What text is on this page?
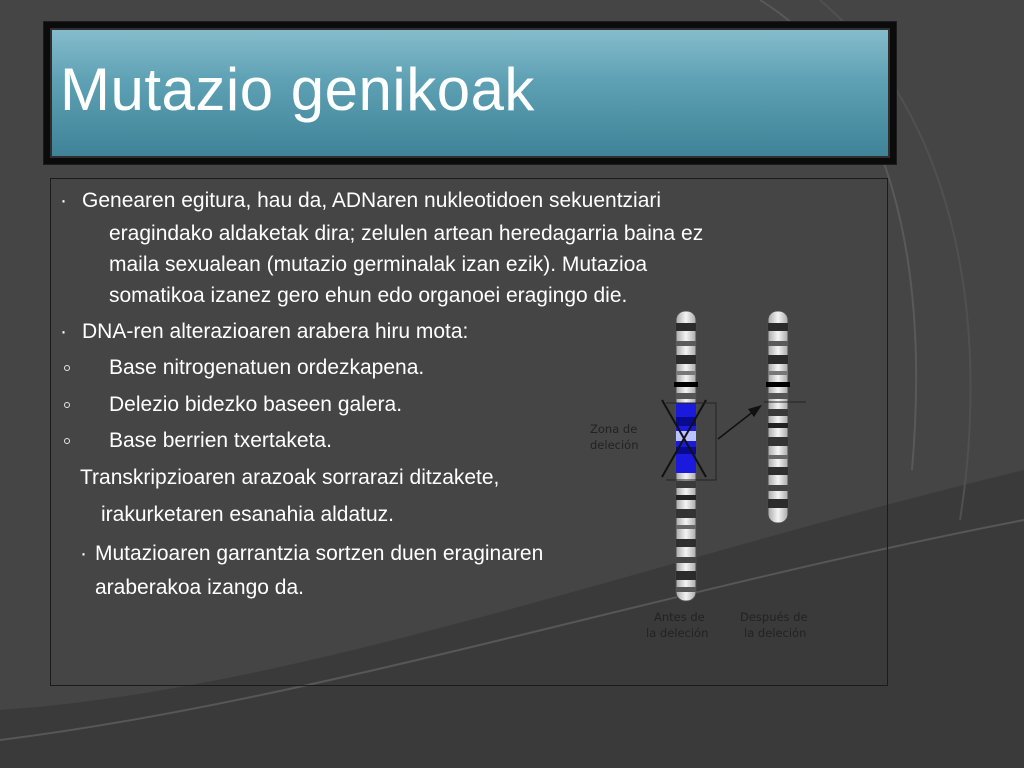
Mutazio genikoak

· Genearen egitura, hau da, ADNaren nukleotidoen sekuentziari

eragindako aldaketak dira; zelulen artean heredagarria baina ez

maila sexualean (mutazio germinalak izan ezik). Mutazioa

somatikoa izanez gero ehun edo organoei eragingo die.

· DNA-ren alterazioaren arabera hiru mota:

Base nitrogenatuen ordezkapena.

Delezio bidezko baseen galera.

Base berrien txertaketa.

Transkripzioaren arazoak sorrarazi ditzakete,

irakurketaren esanahia aldatuz.

· Mutazioaren garrantzia sortzen duen eraginaren

araberakoa izango da.

Zona de
deleción
Antes de
la deleción
Después de
la deleción
